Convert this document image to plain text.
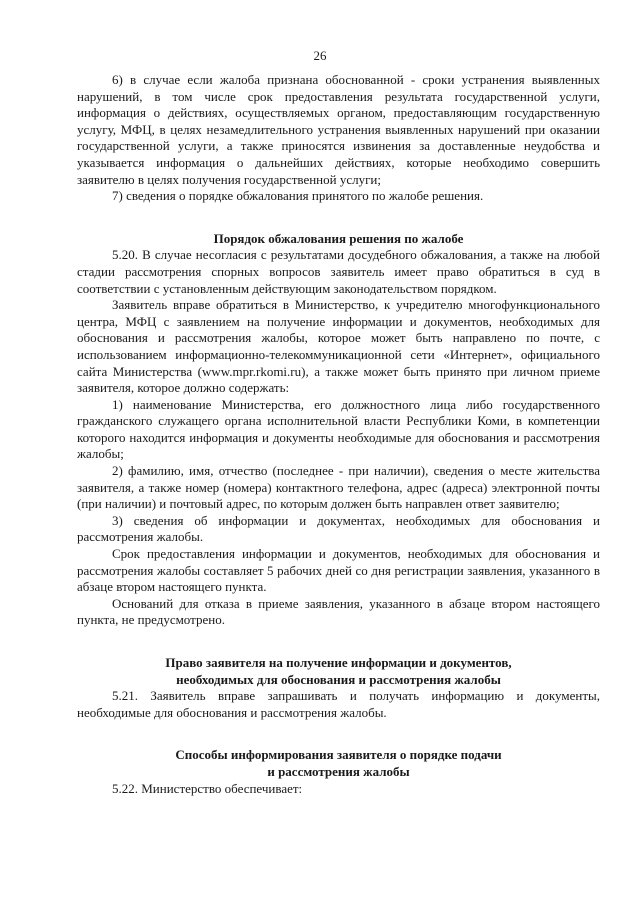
26

6) в случае если жалоба признана обоснованной - сроки устранения выявленных нарушений, в том числе срок предоставления результата государственной услуги, информация о действиях, осуществляемых органом, предоставляющим государственную услугу, МФЦ, в целях незамедлительного устранения выявленных нарушений при оказании государственной услуги, а также приносятся извинения за доставленные неудобства и указывается информация о дальнейших действиях, которые необходимо совершить заявителю в целях получения государственной услуги;

7) сведения о порядке обжалования принятого по жалобе решения.

Порядок обжалования решения по жалобе

5.20. В случае несогласия с результатами досудебного обжалования, а также на любой стадии рассмотрения спорных вопросов заявитель имеет право обратиться в суд в соответствии с установленным действующим законодательством порядком.

Заявитель вправе обратиться в Министерство, к учредителю многофункционального центра, МФЦ с заявлением на получение информации и документов, необходимых для обоснования и рассмотрения жалобы, которое может быть направлено по почте, с использованием информационно-телекоммуникационной сети «Интернет», официального сайта Министерства (www.mpr.rkomi.ru), а также может быть принято при личном приеме заявителя, которое должно содержать:

1) наименование Министерства, его должностного лица либо государственного гражданского служащего органа исполнительной власти Республики Коми, в компетенции которого находится информация и документы необходимые для обоснования и рассмотрения жалобы;

2) фамилию, имя, отчество (последнее - при наличии), сведения о месте жительства заявителя, а также номер (номера) контактного телефона, адрес (адреса) электронной почты (при наличии) и почтовый адрес, по которым должен быть направлен ответ заявителю;

3) сведения об информации и документах, необходимых для обоснования и рассмотрения жалобы.

Срок предоставления информации и документов, необходимых для обоснования и рассмотрения жалобы составляет 5 рабочих дней со дня регистрации заявления, указанного в абзаце втором настоящего пункта.

Оснований для отказа в приеме заявления, указанного в абзаце втором настоящего пункта, не предусмотрено.

Право заявителя на получение информации и документов,
необходимых для обоснования и рассмотрения жалобы

5.21. Заявитель вправе запрашивать и получать информацию и документы, необходимые для обоснования и рассмотрения жалобы.

Способы информирования заявителя о порядке подачи
и рассмотрения жалобы

5.22. Министерство обеспечивает:
